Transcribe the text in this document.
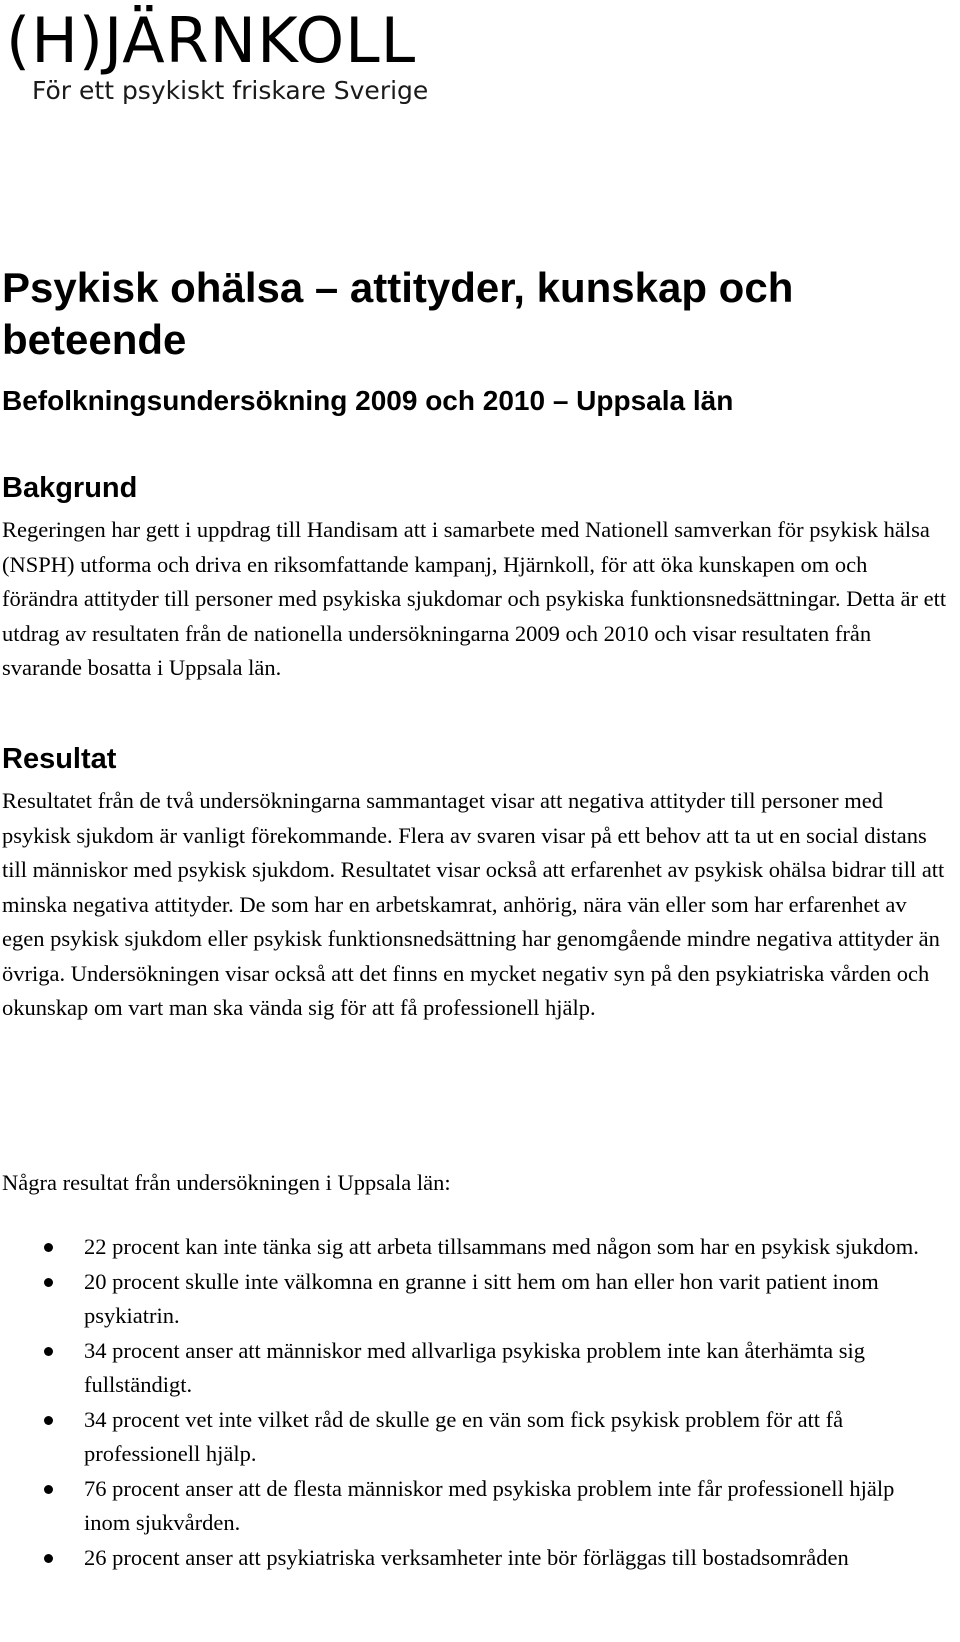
(H)JÄRNKOLL
För ett psykiskt friskare Sverige
Psykisk ohälsa – attityder, kunskap och beteende
Befolkningsundersökning 2009 och 2010 – Uppsala län
Bakgrund

Regeringen har gett i uppdrag till Handisam att i samarbete med Nationell samverkan för psykisk hälsa (NSPH) utforma och driva en riksomfattande kampanj, Hjärnkoll, för att öka kunskapen om och förändra attityder till personer med psykiska sjukdomar och psykiska funktionsnedsättningar. Detta är ett utdrag av resultaten från de nationella undersökningarna 2009 och 2010 och visar resultaten från svarande bosatta i Uppsala län.

Resultat

Resultatet från de två undersökningarna sammantaget visar att negativa attityder till personer med psykisk sjukdom är vanligt förekommande. Flera av svaren visar på ett behov att ta ut en social distans till människor med psykisk sjukdom. Resultatet visar också att erfarenhet av psykisk ohälsa bidrar till att minska negativa attityder. De som har en arbetskamrat, anhörig, nära vän eller som har erfarenhet av egen psykisk sjukdom eller psykisk funktionsnedsättning har genomgående mindre negativa attityder än övriga. Undersökningen visar också att det finns en mycket negativ syn på den psykiatriska vården och okunskap om vart man ska vända sig för att få professionell hjälp.

Några resultat från undersökningen i Uppsala län:

22 procent kan inte tänka sig att arbeta tillsammans med någon som har en psykisk sjukdom.
20 procent skulle inte välkomna en granne i sitt hem om han eller hon varit patient inom psykiatrin.
34 procent anser att människor med allvarliga psykiska problem inte kan återhämta sig fullständigt.
34 procent vet inte vilket råd de skulle ge en vän som fick psykisk problem för att få professionell hjälp.
76 procent anser att de flesta människor med psykiska problem inte får professionell hjälp inom sjukvården.
26 procent anser att psykiatriska verksamheter inte bör förläggas till bostadsområden
